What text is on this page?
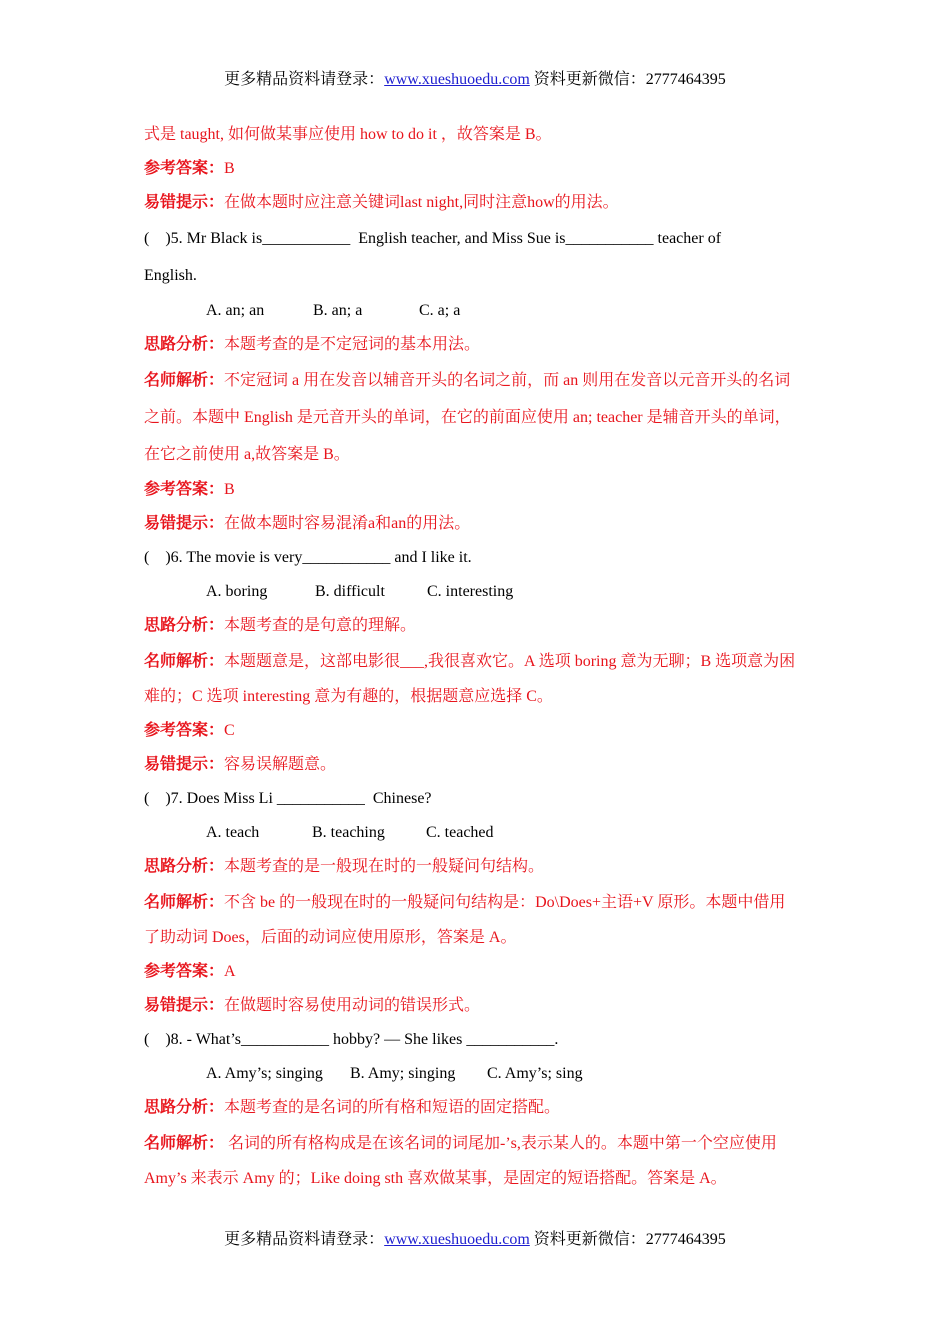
更多精品资料请登录：www.xueshuoedu.com 资料更新微信：2777464395
式是 taught, 如何做某事应使用 how to do it ，故答案是 B。
参考答案：B
易错提示：在做本题时应注意关键词last night,同时注意how的用法。
(    )5. Mr Black is___________  English teacher, and Miss Sue is___________ teacher of
English.
A. an; an	B. an; a	C. a; a
思路分析：本题考查的是不定冠词的基本用法。
名师解析：不定冠词 a 用在发音以辅音开头的名词之前，而 an 则用在发音以元音开头的名词
之前。本题中 English 是元音开头的单词，在它的前面应使用 an; teacher 是辅音开头的单词，
在它之前使用 a,故答案是 B。
参考答案：B
易错提示：在做本题时容易混淆a和an的用法。
(    )6. The movie is very___________ and I like it.
A. boring	B. difficult	C. interesting
思路分析：本题考查的是句意的理解。
名师解析：本题题意是，这部电影很___,我很喜欢它。A 选项 boring 意为无聊；B 选项意为困
难的；C 选项 interesting 意为有趣的，根据题意应选择 C。
参考答案：C
易错提示：容易误解题意。
(    )7. Does Miss Li ___________  Chinese?
A. teach	B. teaching	C. teached
思路分析：本题考查的是一般现在时的一般疑问句结构。
名师解析：不含 be 的一般现在时的一般疑问句结构是：Do\Does+主语+V 原形。本题中借用
了助动词 Does，后面的动词应使用原形，答案是 A。
参考答案：A
易错提示：在做题时容易使用动词的错误形式。
(    )8. - What’s___________ hobby? — She likes ___________.
A. Amy’s; singing B. Amy; singing C. Amy’s; sing
思路分析：本题考查的是名词的所有格和短语的固定搭配。
名师解析： 名词的所有格构成是在该名词的词尾加-’s,表示某人的。本题中第一个空应使用
Amy’s 来表示 Amy 的；Like doing sth 喜欢做某事，是固定的短语搭配。答案是 A。
更多精品资料请登录：www.xueshuoedu.com 资料更新微信：2777464395
